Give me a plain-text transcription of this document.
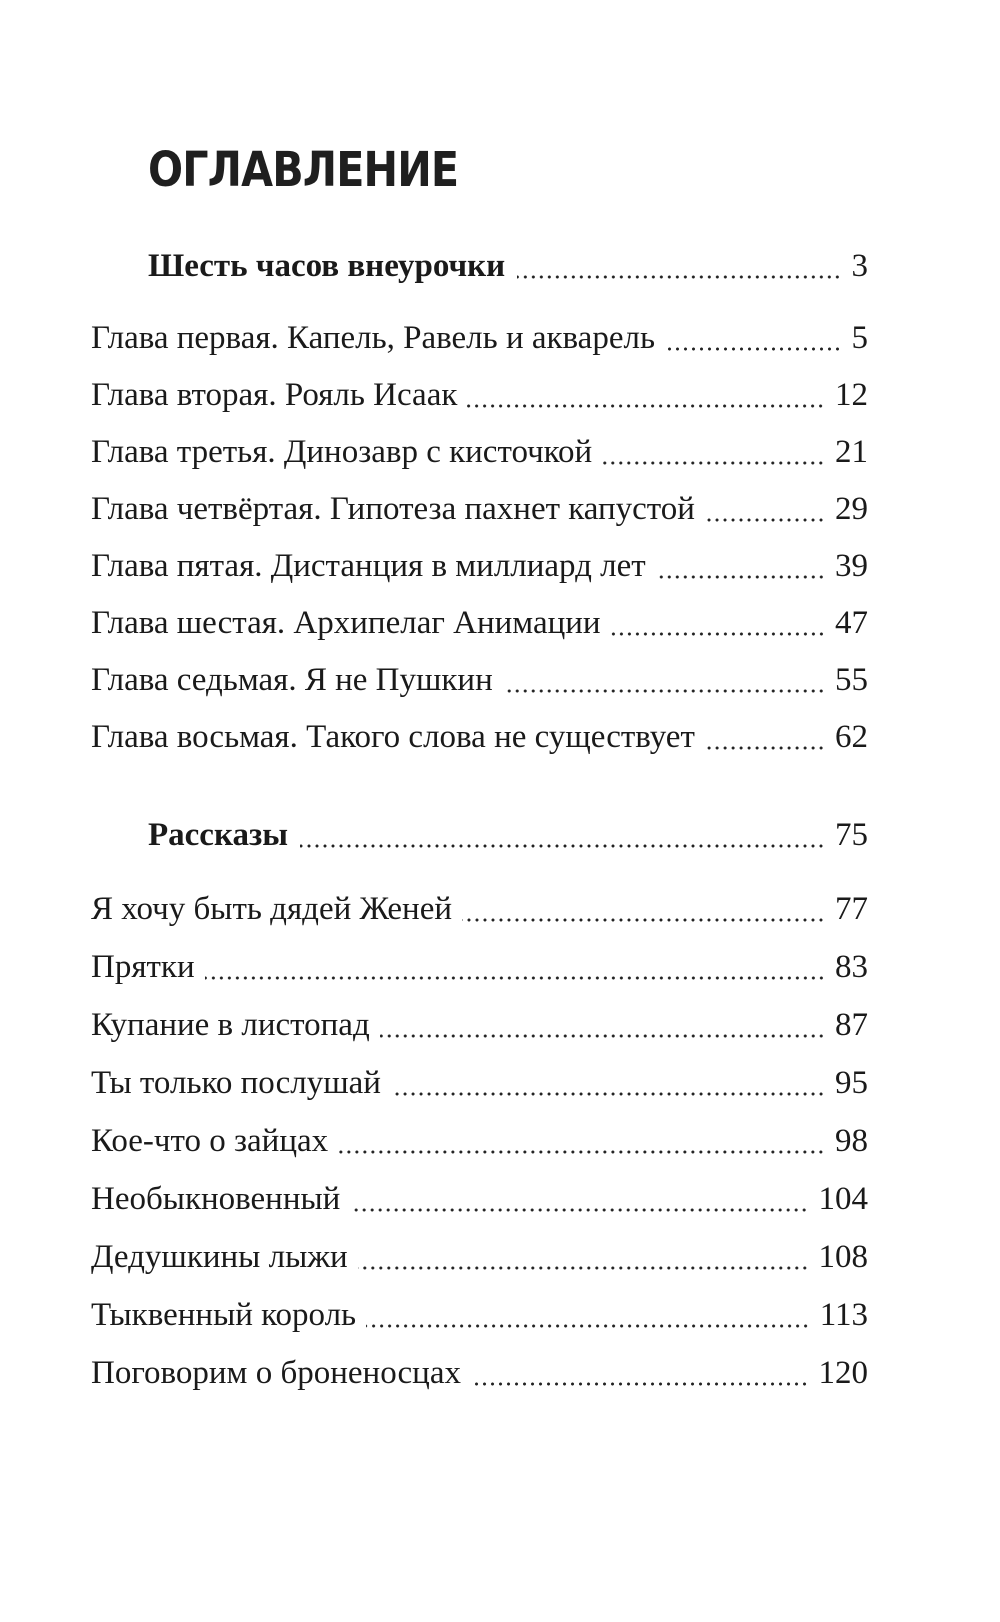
ОГЛАВЛЕНИЕ
Шесть часов внеурочки	3
Глава первая. Капель, Равель и акварель	5
Глава вторая. Рояль Исаак	12
Глава третья. Динозавр с кисточкой	21
Глава четвёртая. Гипотеза пахнет капустой	29
Глава пятая. Дистанция в миллиард лет	39
Глава шестая. Архипелаг Анимации	47
Глава седьмая. Я не Пушкин	55
Глава восьмая. Такого слова не существует	62
Рассказы	75
Я хочу быть дядей Женей	77
Прятки	83
Купание в листопад	87
Ты только послушай	95
Кое-что о зайцах	98
Необыкновенный	104
Дедушкины лыжи	108
Тыквенный король	113
Поговорим о броненосцах	120
